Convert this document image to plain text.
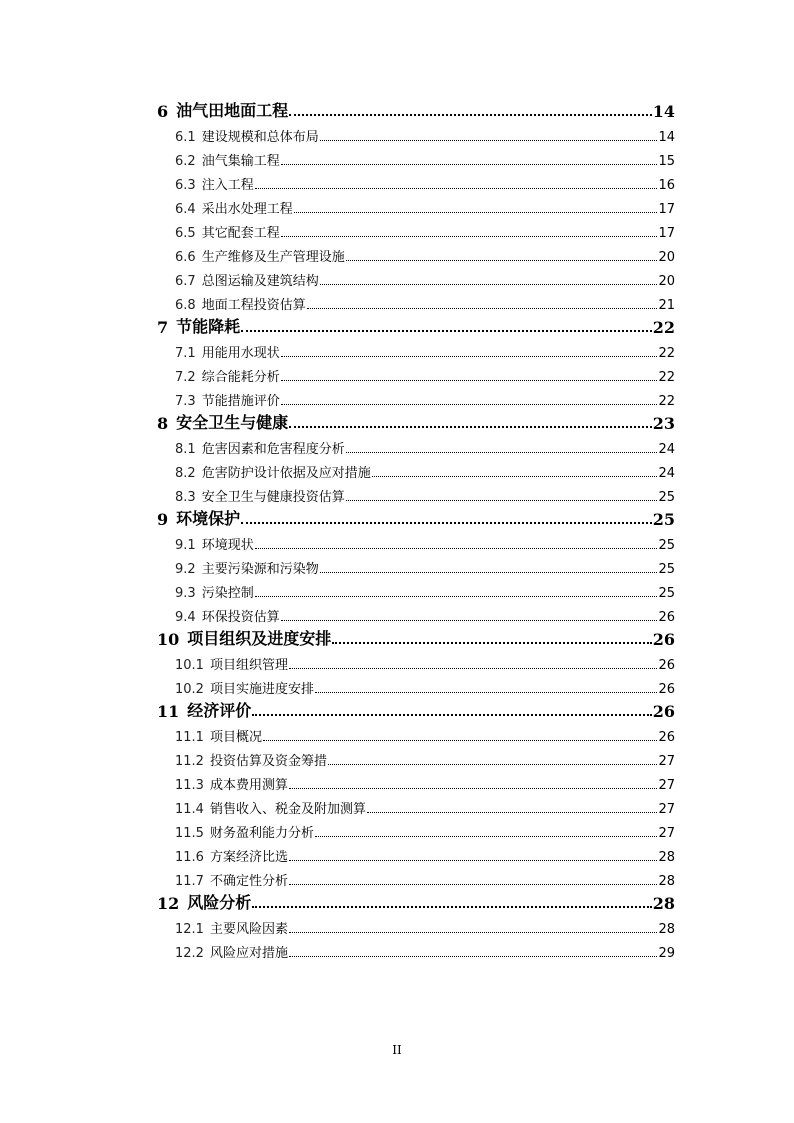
6 油气田地面工程	14
6.1 建设规模和总体布局	14
6.2 油气集输工程	15
6.3 注入工程	16
6.4 采出水处理工程	17
6.5 其它配套工程	17
6.6 生产维修及生产管理设施	20
6.7 总图运输及建筑结构	20
6.8 地面工程投资估算	21
7 节能降耗	22
7.1 用能用水现状	22
7.2 综合能耗分析	22
7.3 节能措施评价	22
8 安全卫生与健康	23
8.1 危害因素和危害程度分析	24
8.2 危害防护设计依据及应对措施	24
8.3 安全卫生与健康投资估算	25
9 环境保护	25
9.1 环境现状	25
9.2 主要污染源和污染物	25
9.3 污染控制	25
9.4 环保投资估算	26
10 项目组织及进度安排	26
10.1 项目组织管理	26
10.2 项目实施进度安排	26
11 经济评价	26
11.1 项目概况	26
11.2 投资估算及资金筹措	27
11.3 成本费用测算	27
11.4 销售收入、税金及附加测算	27
11.5 财务盈利能力分析	27
11.6 方案经济比选	28
11.7 不确定性分析	28
12 风险分析	28
12.1 主要风险因素	28
12.2 风险应对措施	29
II
